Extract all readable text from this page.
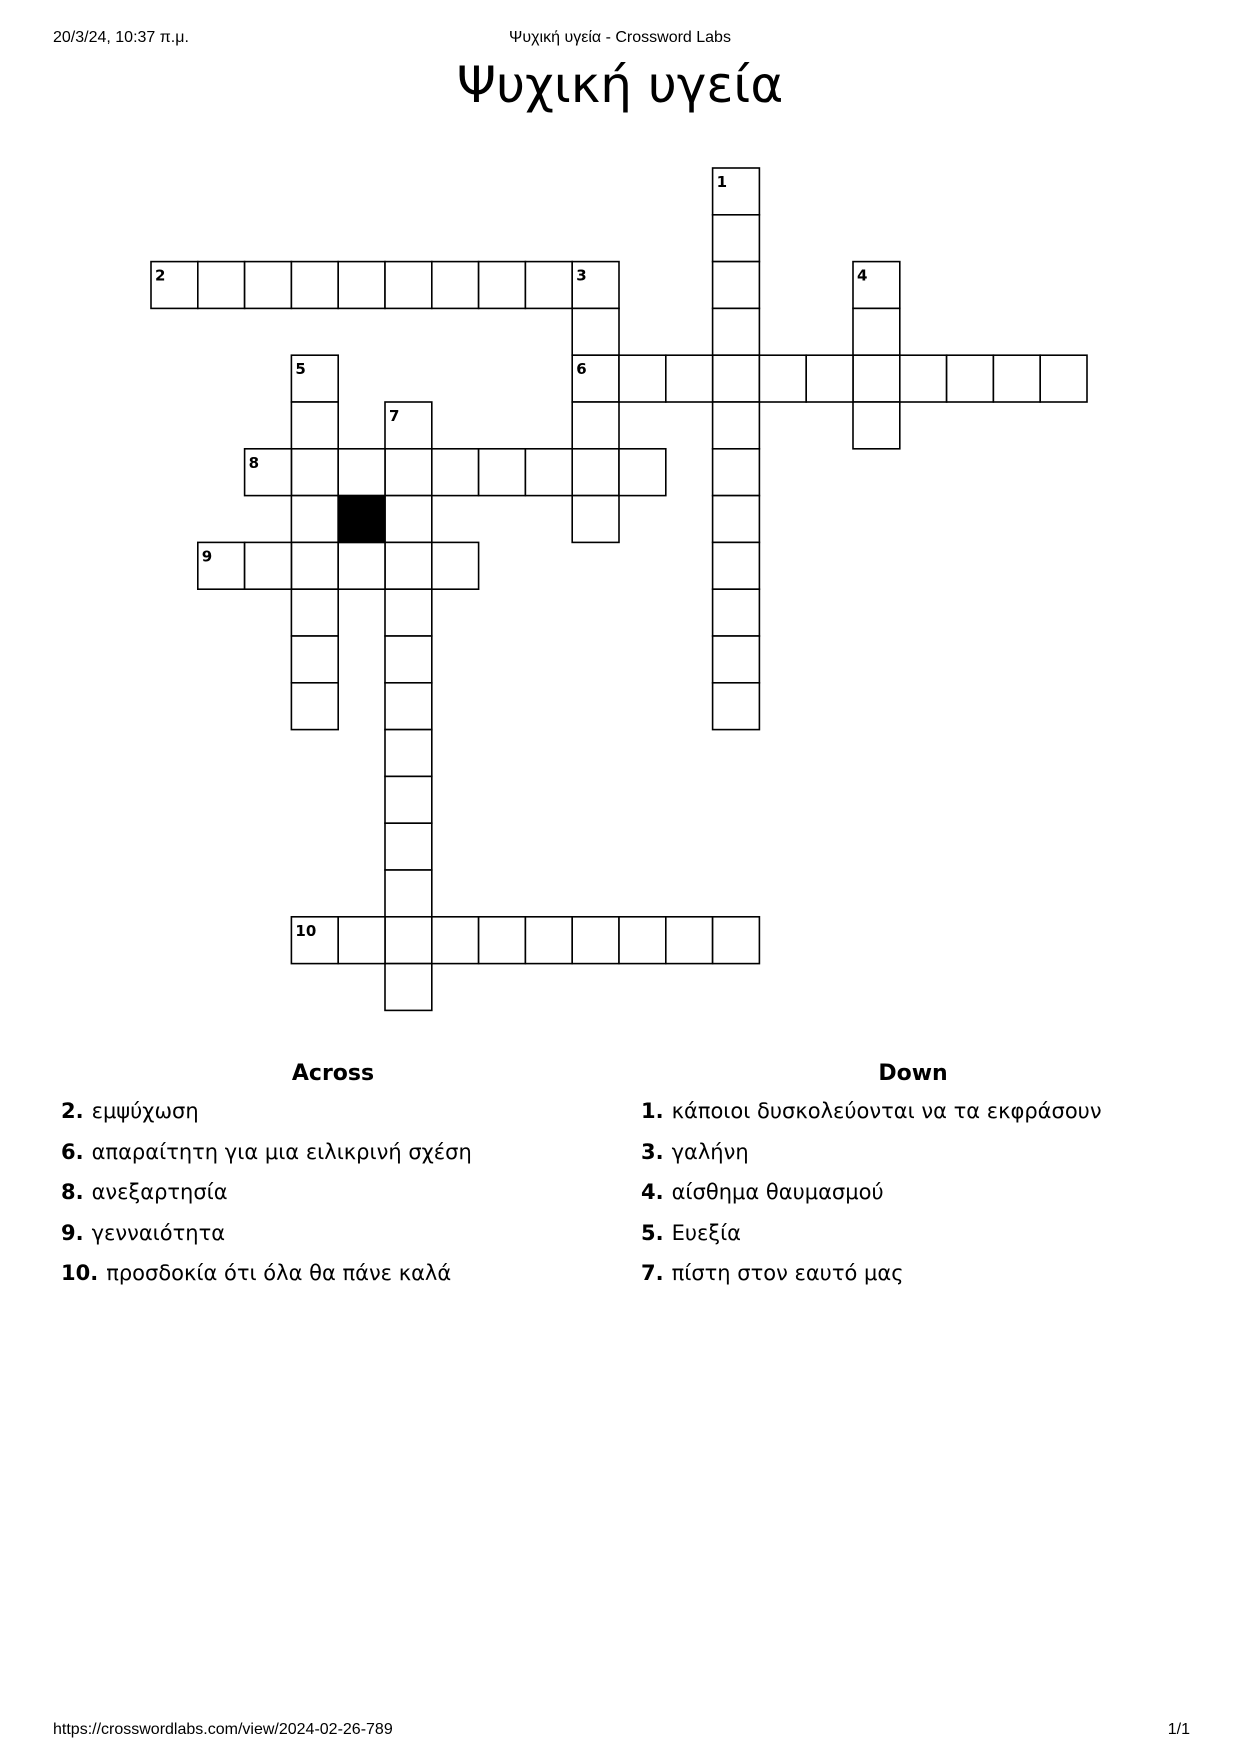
20/3/24, 10:37 π.μ.	Ψυχική υγεία - Crossword Labs
Ψυχική υγεία
1
2	3
6
4
5
7
8
9
10
Across	Down
2. εμψύχωση
6. απαραίτητη για μια ειλικρινή σχέση
8. ανεξαρτησία
9. γενναιότητα
10. προσδοκία ότι όλα θα πάνε καλά
1. κάποιοι δυσκολεύονται να τα εκφράσουν
3. γαλήνη
4. αίσθημα θαυμασμού
5. Ευεξία
7. πίστη στον εαυτό μας
https://crosswordlabs.com/view/2024-02-26-789	1/1
